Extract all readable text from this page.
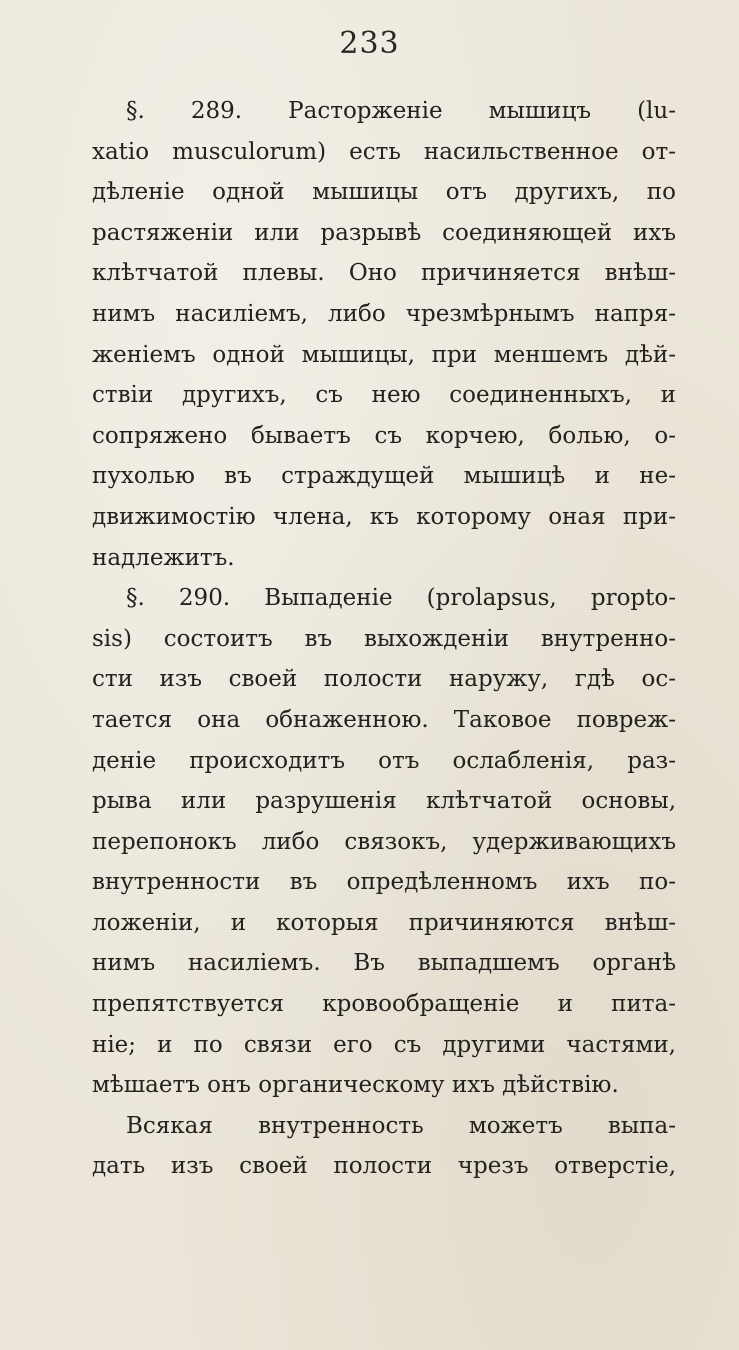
233
§. 289. Расторженіе мышицъ (lu-
xatio musculorum) есть насильственное от-
дѣленіе одной мышицы отъ другихъ, по
растяженіи или разрывѣ соединяющей ихъ
клѣтчатой плевы. Оно причиняется внѣш-
нимъ насиліемъ, либо чрезмѣрнымъ напря-
женіемъ одной мышицы, при меншемъ дѣй-
ствіи другихъ, съ нею соединенныхъ, и
сопряжено бываетъ съ корчею, болью, о-
пухолью въ страждущей мышицѣ и не-
движимостію члена, къ которому оная при-
надлежитъ.
§. 290. Выпаденіе (prolapsus, propto-
sis) состоитъ въ выхожденіи внутренно-
сти изъ своей полости наружу, гдѣ ос-
тается она обнаженною. Таковое повреж-
деніе происходитъ отъ ослабленія, раз-
рыва или разрушенія клѣтчатой основы,
перепонокъ либо связокъ, удерживающихъ
внутренности въ опредѣленномъ ихъ по-
ложеніи, и которыя причиняются внѣш-
нимъ насиліемъ. Въ выпадшемъ органѣ
препятствуется кровообращеніе и пита-
ніе; и по связи его съ другими частями,
мѣшаетъ онъ органическому ихъ дѣйствію.
Всякая внутренность можетъ выпа-
дать изъ своей полости чрезъ отверстіе,
